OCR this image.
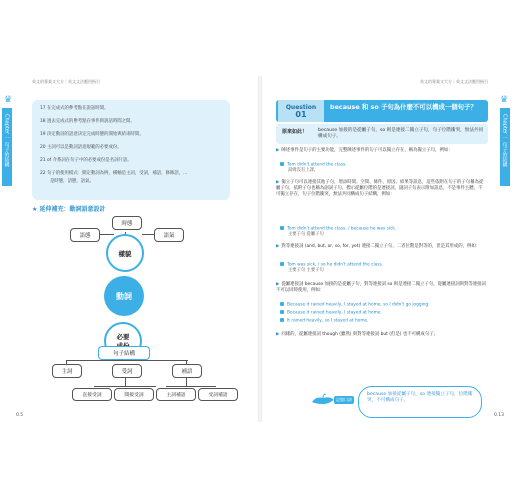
英文的專業又大方｜英文文法應用指引
♛
Chapter 一 句子的結構

17 在完成式的參考點在說話時間。

18 過去完成式的參考點在事件與說話時間之間。

19 決定動詞的語意決定完成時態的開始與結束時間。

20 主詞可以是動詞語意規範的必要成份。

21 of 介系詞在句子中的必要成份是名詞片語。

22 句子的使用模式：開定動詞為例，橫軸是主詞，受詞，補語，修飾語，…

是時態，語態，語氣。

★ 延伸補充：動詞語意設計
時態
語態	語氣
樣貌
動詞
必要

句子結構
主詞	受詞	補語
直接受詞	間接受詞	主詞補語	受詞補語
0.5
英文的專業又大方｜英文文法應用指引
♛
Chapter 一 句子的結構
Question
01
because 和 so 子句為什麼不可以構成一個句子？
原來如此！ because 加接的是從屬子句，so 則是連接二獨立子句，句子位階衝突，無法共同構成句子。
▶ 陳述事件是句子的主要功能，完整陳述事件的句子可以獨立存在，稱為獨立子句，例如：
Tom didn't attend the class.
湯姆沒有上課。
▶ 獨立子句可以連接其他子句，增添時間、空間、條件、原因、結果等訊息，這些依附在句子的子句稱為從屬子句，依附子句也稱為副詞子句，標示從屬位階的是連接詞，副詞子句表示附加訊息，不是事件主體，不可獨立存在，句子位階衝突，無法共同構成句子結構，例如：
Tom didn't attend the class, / because he was sick.
主要子句 從屬子句
▶ 對等連接詞 (and, but, or, so, for, yet) 連接二獨立子句，二者位階是對等的，但是其形成的，例如：
Tom was sick, / so he didn't attend the class.
主要子句 主要子句
▶ 從屬連接詞 because 加接的是從屬子句，對等連接詞 so 則是連接二獨立子句，從屬連接詞與對等連接詞不可以同時使用，例如：
Because it rained heavily, I stayed at home, so I didn't go jogging.
Because it rained heavily, I stayed at home.
It rained heavily, so I stayed at home.
▶ 同樣的，從屬連接詞 though (雖然) 與對等連接詞 but (但是) 也不可構成句子。
記憶口訣
because 加接從屬子句，so 連接獨立子句，位階衝突，不可構成句子。
0.13
